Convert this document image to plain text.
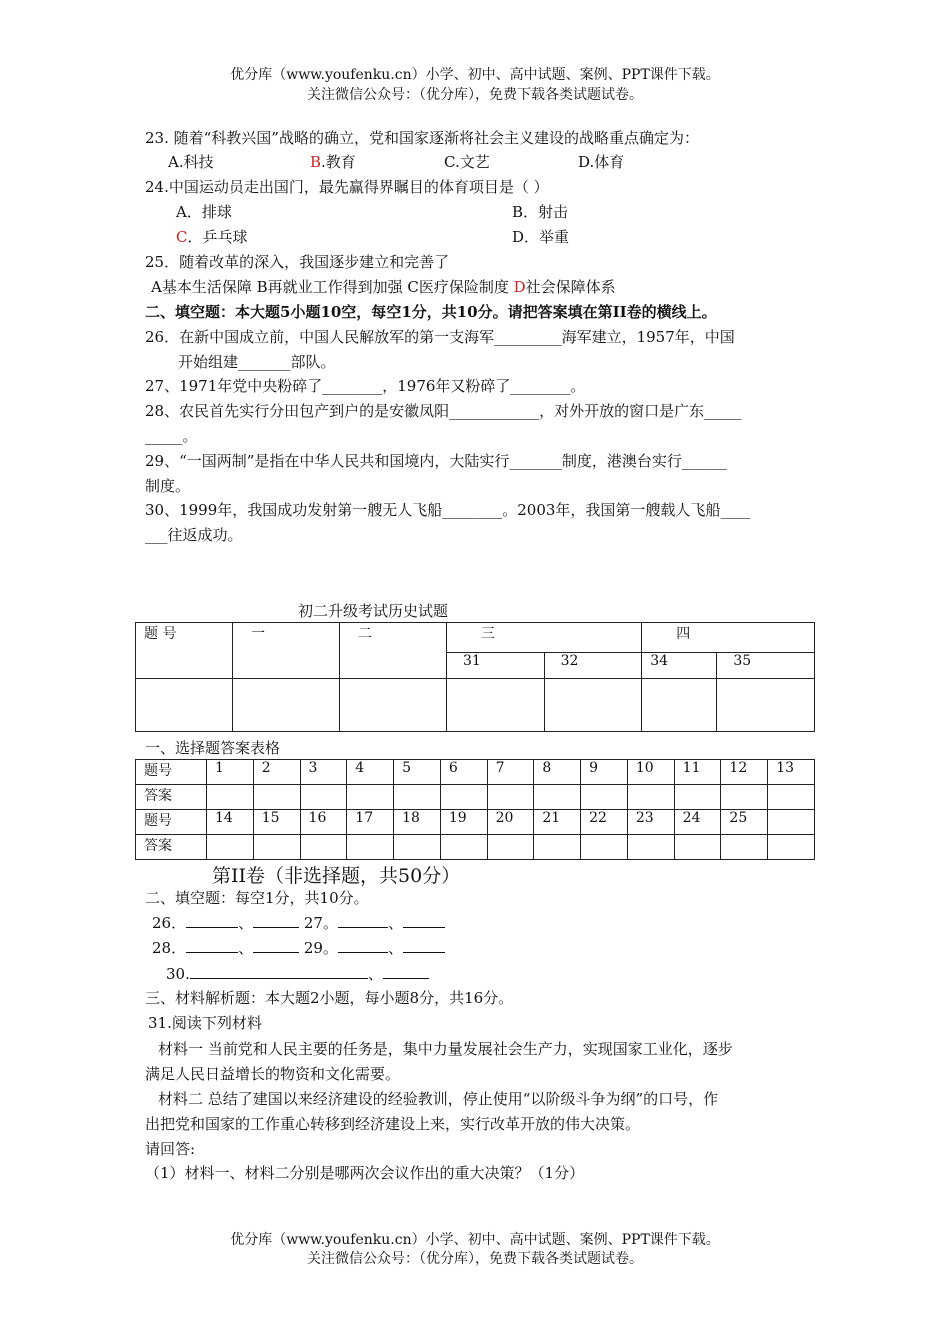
优分库（www.youfenku.cn）小学、初中、高中试题、案例、PPT课件下载。
关注微信公众号：（优分库），免费下载各类试题试卷。
23. 随着“科教兴国”战略的确立，党和国家逐渐将社会主义建设的战略重点确定为：
A.科技	B.教育	C.文艺	D.体育
24.中国运动员走出国门，最先赢得界瞩目的体育项目是（ ）
A．排球	B．射击
C．乒乓球	D．举重
25．随着改革的深入，我国逐步建立和完善了
A基本生活保障 B再就业工作得到加强 C医疗保险制度 D社会保障体系
二、填空题：本大题5小题10空，每空1分，共10分。请把答案填在第II卷的横线上。
26．在新中国成立前，中国人民解放军的第一支海军_________海军建立，1957年，中国
开始组建_______部队。
27、1971年党中央粉碎了________，1976年又粉碎了________。
28、农民首先实行分田包产到户的是安徽凤阳____________，对外开放的窗口是广东_____
_____。
29、“一国两制”是指在中华人民共和国境内，大陆实行_______制度，港澳台实行______
制度。
30、1999年，我国成功发射第一艘无人飞船________。2003年，我国第一艘载人飞船____
___往返成功。
初二升级考试历史试题
题 号	一	二	三		四	
			31	32	34	35

一、选择题答案表格
题号	1	2	3	4	5	6	7	8	9	10	11	12	13
答案													
题号	14	15	16	17	18	19	20	21	22	23	24	25	
答案													
第II卷（非选择题，共50分）
二、填空题：每空1分，共10分。
26．	、	27。	、
28．	、	29。	、
30.	、
三、材料解析题：本大题2小题，每小题8分，共16分。
31.阅读下列材料
材料一 当前党和人民主要的任务是，集中力量发展社会生产力，实现国家工业化，逐步
满足人民日益增长的物资和文化需要。
材料二 总结了建国以来经济建设的经验教训，停止使用“以阶级斗争为纲”的口号，作
出把党和国家的工作重心转移到经济建设上来，实行改革开放的伟大决策。
请回答:
（1）材料一、材料二分别是哪两次会议作出的重大决策？（1分）
优分库（www.youfenku.cn）小学、初中、高中试题、案例、PPT课件下载。
关注微信公众号：（优分库），免费下载各类试题试卷。
